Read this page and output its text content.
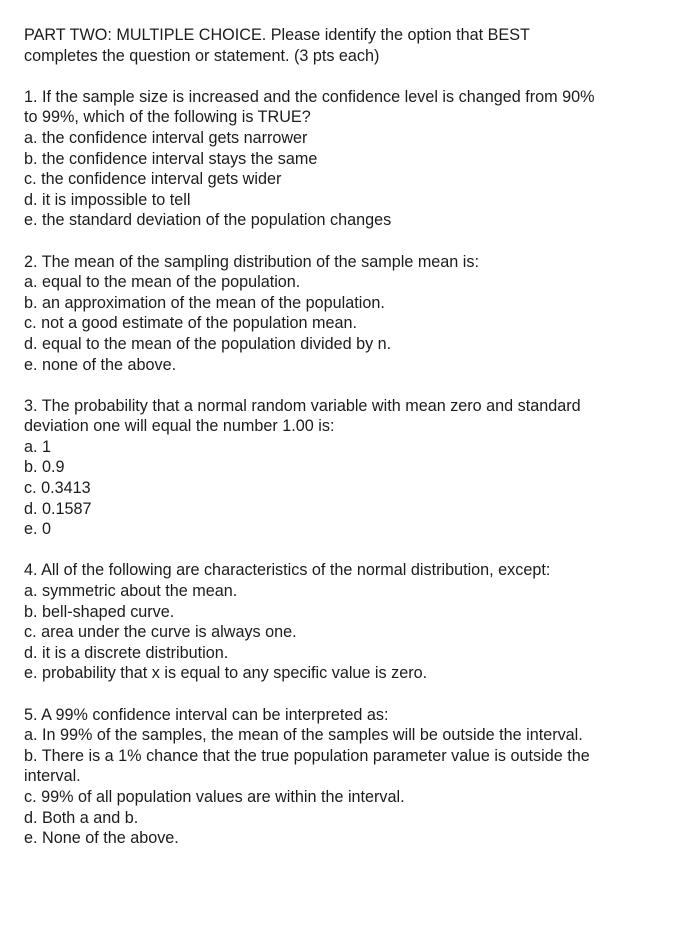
PART TWO: MULTIPLE CHOICE. Please identify the option that BEST
completes the question or statement. (3 pts each)
1. If the sample size is increased and the confidence level is changed from 90%
to 99%, which of the following is TRUE?
a. the confidence interval gets narrower
b. the confidence interval stays the same
c. the confidence interval gets wider
d. it is impossible to tell
e. the standard deviation of the population changes
2. The mean of the sampling distribution of the sample mean is:
a. equal to the mean of the population.
b. an approximation of the mean of the population.
c. not a good estimate of the population mean.
d. equal to the mean of the population divided by n.
e. none of the above.
3. The probability that a normal random variable with mean zero and standard
deviation one will equal the number 1.00 is:
a. 1
b. 0.9
c. 0.3413
d. 0.1587
e. 0
4. All of the following are characteristics of the normal distribution, except:
a. symmetric about the mean.
b. bell-shaped curve.
c. area under the curve is always one.
d. it is a discrete distribution.
e. probability that x is equal to any specific value is zero.
5. A 99% confidence interval can be interpreted as:
a. In 99% of the samples, the mean of the samples will be outside the interval.
b. There is a 1% chance that the true population parameter value is outside the
interval.
c. 99% of all population values are within the interval.
d. Both a and b.
e. None of the above.
